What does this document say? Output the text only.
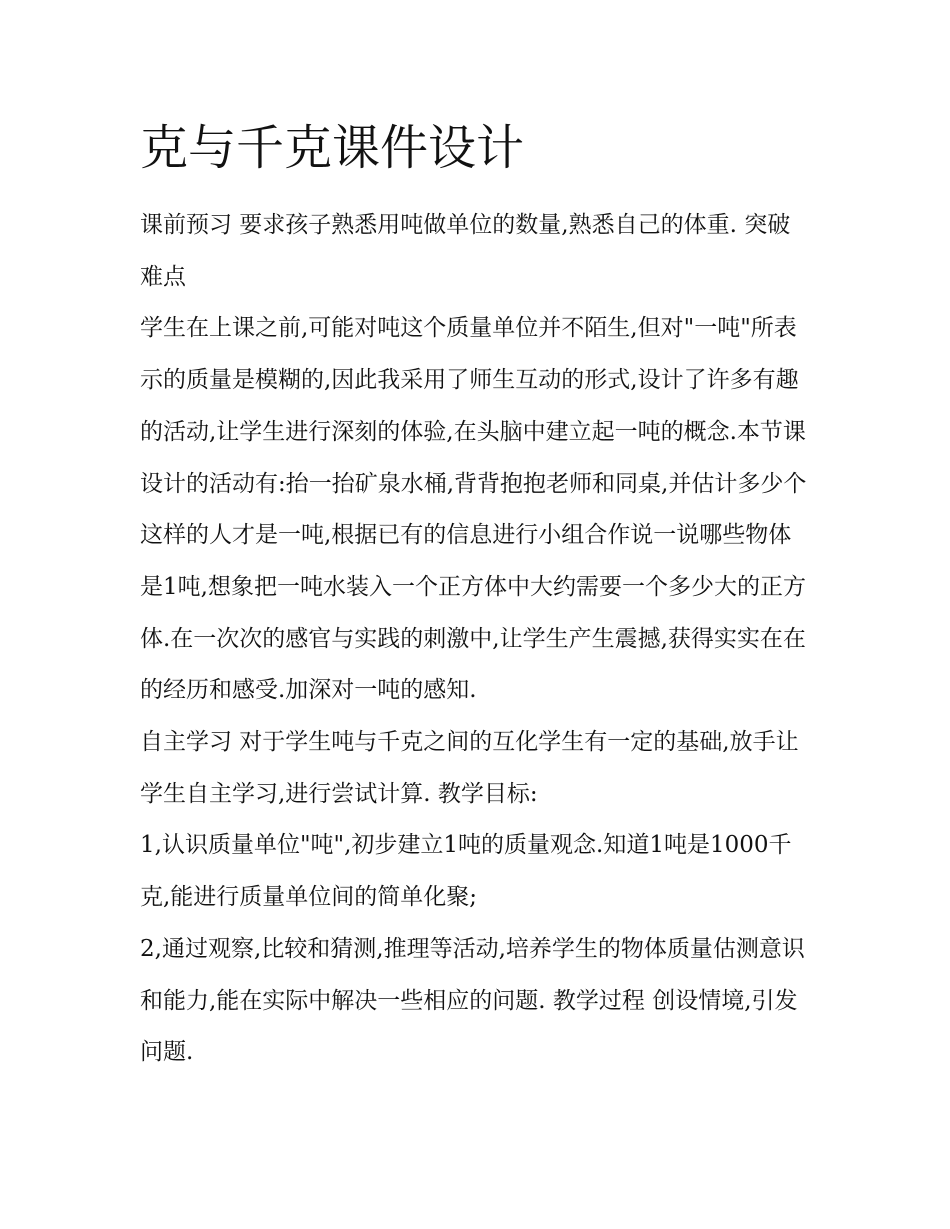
克与千克课件设计

课前预习 要求孩子熟悉用吨做单位的数量,熟悉自己的体重. 突破难点

学生在上课之前,可能对吨这个质量单位并不陌生,但对"一吨"所表示的质量是模糊的,因此我采用了师生互动的形式,设计了许多有趣的活动,让学生进行深刻的体验,在头脑中建立起一吨的概念.本节课设计的活动有:抬一抬矿泉水桶,背背抱抱老师和同桌,并估计多少个这样的人才是一吨,根据已有的信息进行小组合作说一说哪些物体是1吨,想象把一吨水装入一个正方体中大约需要一个多少大的正方体.在一次次的感官与实践的刺激中,让学生产生震撼,获得实实在在的经历和感受.加深对一吨的感知.

自主学习 对于学生吨与千克之间的互化学生有一定的基础,放手让学生自主学习,进行尝试计算. 教学目标:

1,认识质量单位"吨",初步建立1吨的质量观念.知道1吨是1000千克,能进行质量单位间的简单化聚;

2,通过观察,比较和猜测,推理等活动,培养学生的物体质量估测意识和能力,能在实际中解决一些相应的问题. 教学过程 创设情境,引发问题.
